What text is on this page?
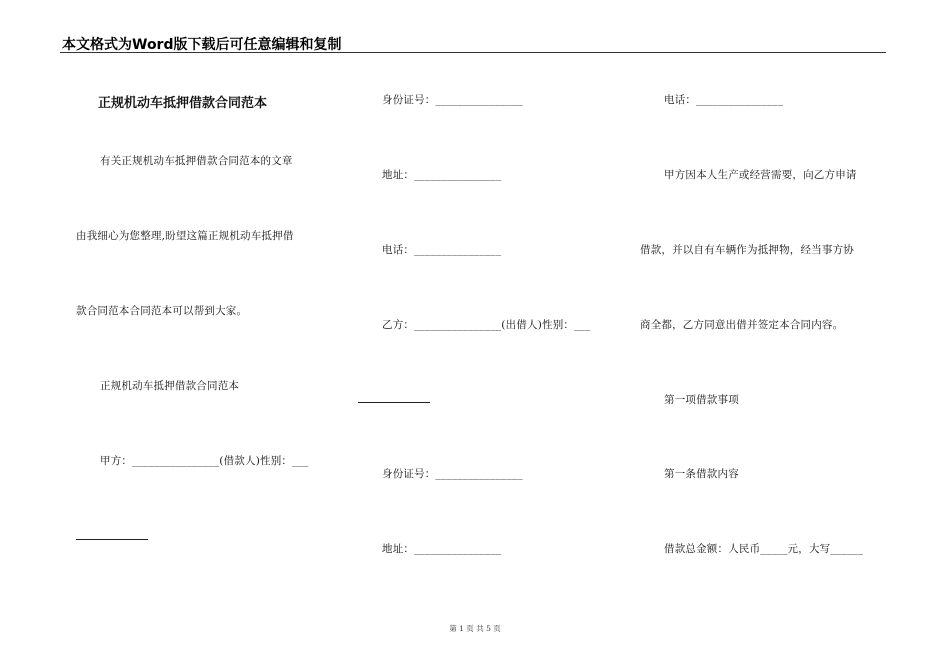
本文格式为Word版下载后可任意编辑和复制
正规机动车抵押借款合同范本
有关正规机动车抵押借款合同范本的文章
由我细心为您整理,盼望这篇正规机动车抵押借
款合同范本合同范本可以帮到大家。
正规机动车抵押借款合同范本
甲方：________________(借款人)性别：___
身份证号：________________
地址：________________
电话：________________
乙方：________________(出借人)性别：___
身份证号：________________
地址：________________
电话：________________
甲方因本人生产或经营需要，向乙方申请
借款，并以自有车辆作为抵押物，经当事方协
商全都，乙方同意出借并签定本合同内容。
第一项借款事项
第一条借款内容
借款总金额：人民币_____元，大写______
第 1 页 共 5 页
